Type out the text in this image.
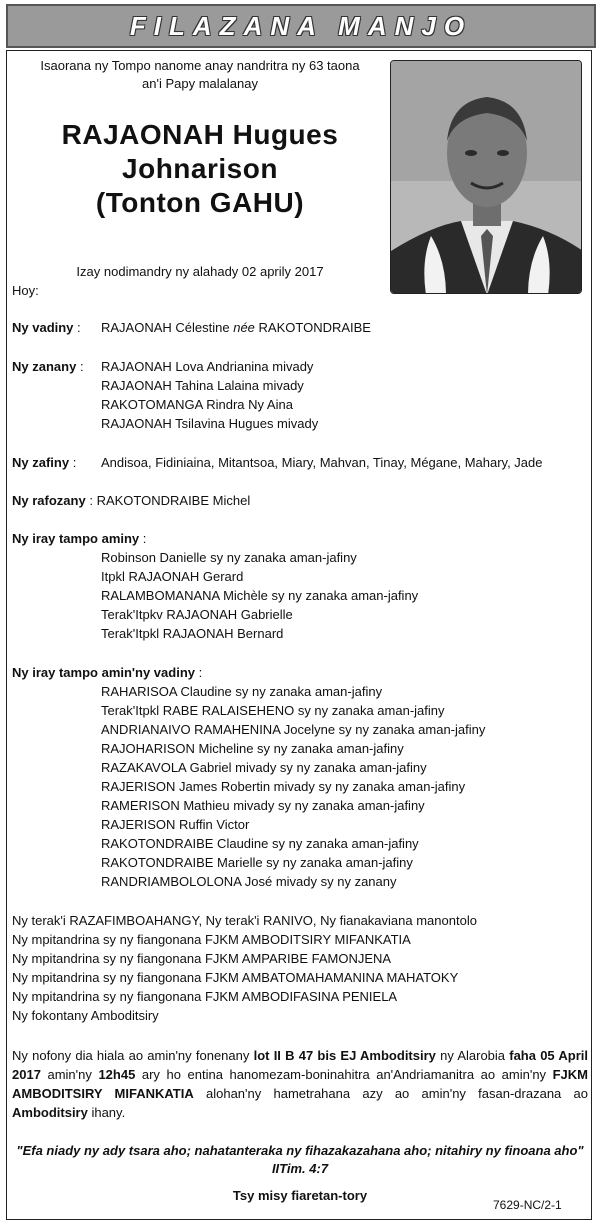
FILAZANA MANJO
Isaorana ny Tompo nanome anay nandritra ny 63 taona
an'i Papy malalanay
RAJAONAH Hugues
Johnarison
(Tonton GAHU)
Izay nodimandry ny alahady 02 aprily 2017
Hoy:
Ny vadiny : RAJAONAH Célestine née RAKOTONDRAIBE
Ny zanany : RAJAONAH Lova Andrianina mivady
RAJAONAH Tahina Lalaina mivady
RAKOTOMANGA Rindra Ny Aina
RAJAONAH Tsilavina Hugues mivady
Ny zafiny : Andisoa, Fidiniaina, Mitantsoa, Miary, Mahvan, Tinay, Mégane, Mahary, Jade
Ny rafozany : RAKOTONDRAIBE Michel
Ny iray tampo aminy :
Robinson Danielle sy ny zanaka aman-jafiny
Itpkl RAJAONAH Gerard
RALAMBOMANANA Michèle sy ny zanaka aman-jafiny
Terak'Itpkv RAJAONAH Gabrielle
Terak'Itpkl RAJAONAH Bernard
Ny iray tampo amin'ny vadiny :
RAHARISOA Claudine sy ny zanaka aman-jafiny
Terak'Itpkl RABE RALAISEHENO sy ny zanaka aman-jafiny
ANDRIANAIVO RAMAHENINA Jocelyne sy ny zanaka aman-jafiny
RAJOHARISON Micheline sy ny zanaka aman-jafiny
RAZAKAVOLA Gabriel mivady sy ny zanaka aman-jafiny
RAJERISON James Robertin mivady sy ny zanaka aman-jafiny
RAMERISON Mathieu mivady sy ny zanaka aman-jafiny
RAJERISON Ruffin Victor
RAKOTONDRAIBE Claudine sy ny zanaka aman-jafiny
RAKOTONDRAIBE Marielle sy ny zanaka aman-jafiny
RANDRIAMBOLOLONA José mivady sy ny zanany
Ny terak'i RAZAFIMBOAHANGY, Ny terak'i RANIVO, Ny fianakaviana manontolo
Ny mpitandrina sy ny fiangonana FJKM AMBODITSIRY MIFANKATIA
Ny mpitandrina sy ny fiangonana FJKM AMPARIBE FAMONJENA
Ny mpitandrina sy ny fiangonana FJKM AMBATOMAHAMANINA MAHATOKY
Ny mpitandrina sy ny fiangonana FJKM AMBODIFASINA PENIELA
Ny fokontany Amboditsiry
Ny nofony dia hiala ao amin'ny fonenany lot II B 47 bis EJ Amboditsiry ny Alarobia faha 05 April 2017 amin'ny 12h45 ary ho entina hanomezam-boninahitra an'Andriamanitra ao amin'ny FJKM AMBODITSIRY MIFANKATIA alohan'ny hametrahana azy ao amin'ny fasan-drazana ao Amboditsiry ihany.
"Efa niady ny ady tsara aho; nahatanteraka ny fihazakazahana aho; nitahiry ny finoana aho"
IITim. 4:7
Tsy misy fiaretan-tory
7629-NC/2-1
